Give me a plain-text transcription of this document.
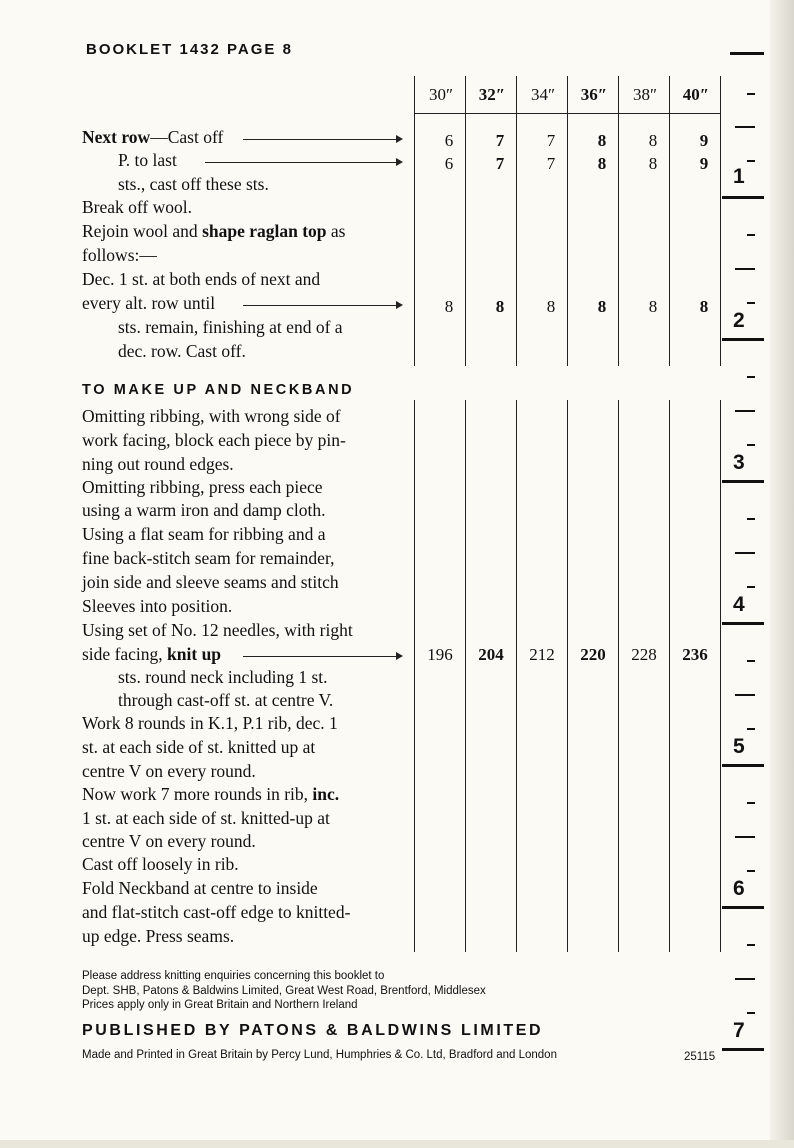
BOOKLET 1432 PAGE 8
30″	32″	34″	36″	38″	40″
6	7	7	8	8	9
6	7	7	8	8	9
8	8	8	8	8	8
196	204	212	220	228	236
Next row—Cast off
P. to last
sts., cast off these sts.
Break off wool.
Rejoin wool and shape raglan top as
follows:—
Dec. 1 st. at both ends of next and
every alt. row until
sts. remain, finishing at end of a
dec. row. Cast off.
TO MAKE UP AND NECKBAND
Omitting ribbing, with wrong side of
work facing, block each piece by pin-
ning out round edges.
Omitting ribbing, press each piece
using a warm iron and damp cloth.
Using a flat seam for ribbing and a
fine back-stitch seam for remainder,
join side and sleeve seams and stitch
Sleeves into position.
Using set of No. 12 needles, with right
side facing, knit up
sts. round neck including 1 st.
through cast-off st. at centre V.
Work 8 rounds in K.1, P.1 rib, dec. 1
st. at each side of st. knitted up at
centre V on every round.
Now work 7 more rounds in rib, inc.
1 st. at each side of st. knitted-up at
centre V on every round.
Cast off loosely in rib.
Fold Neckband at centre to inside
and flat-stitch cast-off edge to knitted-
up edge. Press seams.
Please address knitting enquiries concerning this booklet to
Dept. SHB, Patons & Baldwins Limited, Great West Road, Brentford, Middlesex
Prices apply only in Great Britain and Northern Ireland
PUBLISHED BY PATONS & BALDWINS LIMITED
Made and Printed in Great Britain by Percy Lund, Humphries & Co. Ltd, Bradford and London	25115
1
2
3
4
5
6
7
